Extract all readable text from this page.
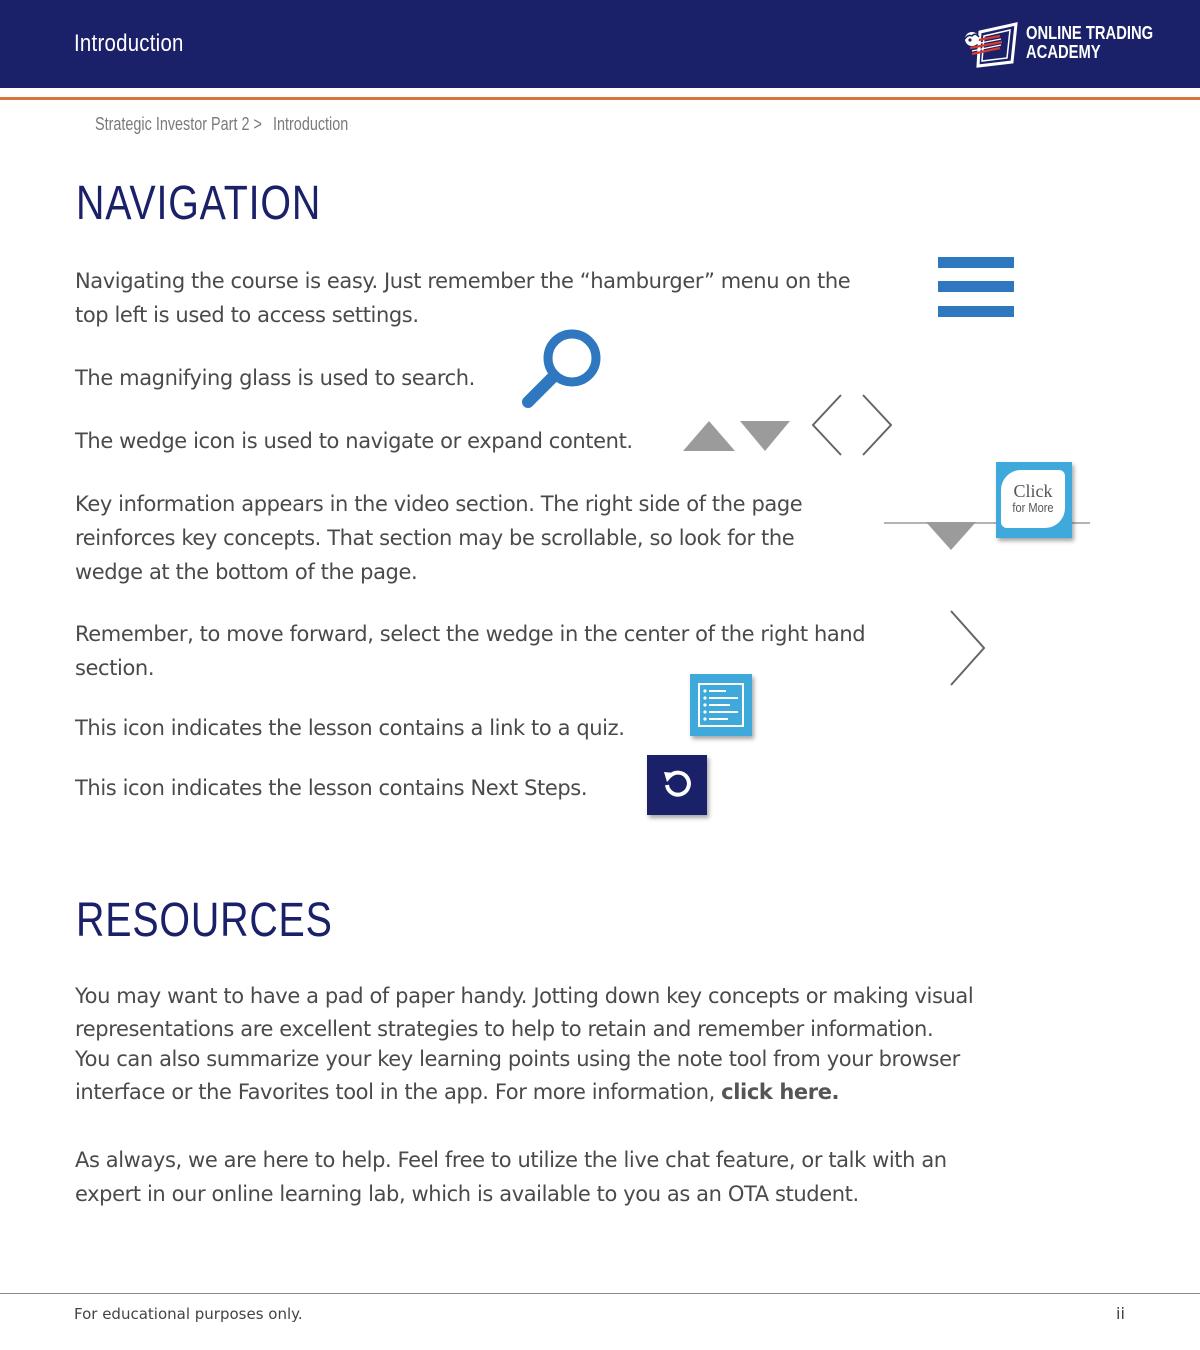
Introduction	ONLINE TRADING
ACADEMY
Strategic Investor Part 2 > Introduction
NAVIGATION
Navigating the course is easy. Just remember the “hamburger” menu on the
top left is used to access settings.
The magnifying glass is used to search.
The wedge icon is used to navigate or expand content.
Key information appears in the video section. The right side of the page
reinforces key concepts. That section may be scrollable, so look for the
wedge at the bottom of the page.
Click
for More
Remember, to move forward, select the wedge in the center of the right hand
section.
This icon indicates the lesson contains a link to a quiz.
This icon indicates the lesson contains Next Steps.
RESOURCES
You may want to have a pad of paper handy. Jotting down key concepts or making visual
representations are excellent strategies to help to retain and remember information.
You can also summarize your key learning points using the note tool from your browser
interface or the Favorites tool in the app. For more information, click here.
As always, we are here to help. Feel free to utilize the live chat feature, or talk with an
expert in our online learning lab, which is available to you as an OTA student.
For educational purposes only.	ii
